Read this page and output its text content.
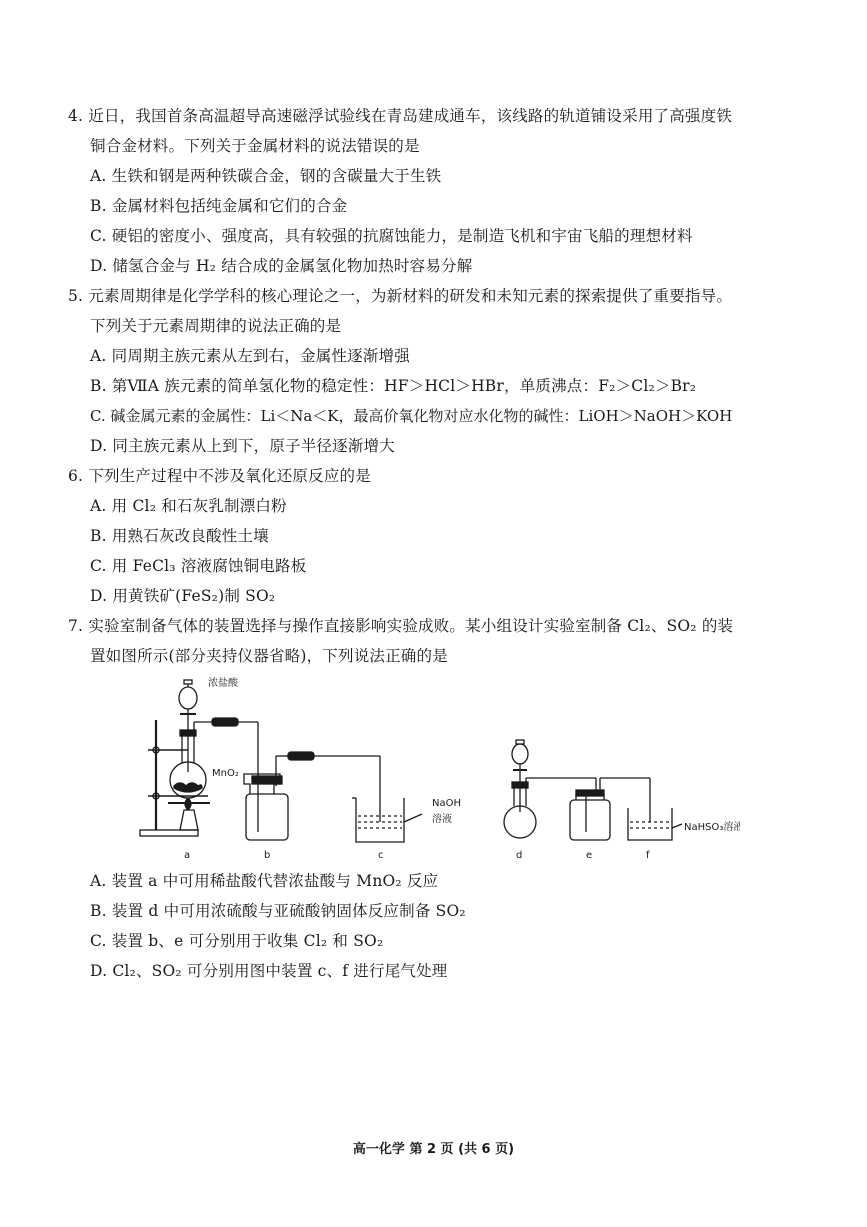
4. 近日，我国首条高温超导高速磁浮试验线在青岛建成通车，该线路的轨道铺设采用了高强度铁
铜合金材料。下列关于金属材料的说法错误的是
A. 生铁和钢是两种铁碳合金，钢的含碳量大于生铁
B. 金属材料包括纯金属和它们的合金
C. 硬铝的密度小、强度高，具有较强的抗腐蚀能力，是制造飞机和宇宙飞船的理想材料
D. 储氢合金与 H₂ 结合成的金属氢化物加热时容易分解
5. 元素周期律是化学学科的核心理论之一，为新材料的研发和未知元素的探索提供了重要指导。
下列关于元素周期律的说法正确的是
A. 同周期主族元素从左到右，金属性逐渐增强
B. 第ⅦA 族元素的简单氢化物的稳定性：HF＞HCl＞HBr，单质沸点：F₂＞Cl₂＞Br₂
C. 碱金属元素的金属性：Li＜Na＜K，最高价氧化物对应水化物的碱性：LiOH＞NaOH＞KOH
D. 同主族元素从上到下，原子半径逐渐增大
6. 下列生产过程中不涉及氧化还原反应的是
A. 用 Cl₂ 和石灰乳制漂白粉
B. 用熟石灰改良酸性土壤
C. 用 FeCl₃ 溶液腐蚀铜电路板
D. 用黄铁矿(FeS₂)制 SO₂
7. 实验室制备气体的装置选择与操作直接影响实验成败。某小组设计实验室制备 Cl₂、SO₂ 的装
置如图所示(部分夹持仪器省略)，下列说法正确的是
浓盐酸
MnO₂
NaOH
溶液
NaHSO₃溶液
a	b	c	d	e	f
A. 装置 a 中可用稀盐酸代替浓盐酸与 MnO₂ 反应
B. 装置 d 中可用浓硫酸与亚硫酸钠固体反应制备 SO₂
C. 装置 b、e 可分别用于收集 Cl₂ 和 SO₂
D. Cl₂、SO₂ 可分别用图中装置 c、f 进行尾气处理
高一化学 第 2 页 (共 6 页)
